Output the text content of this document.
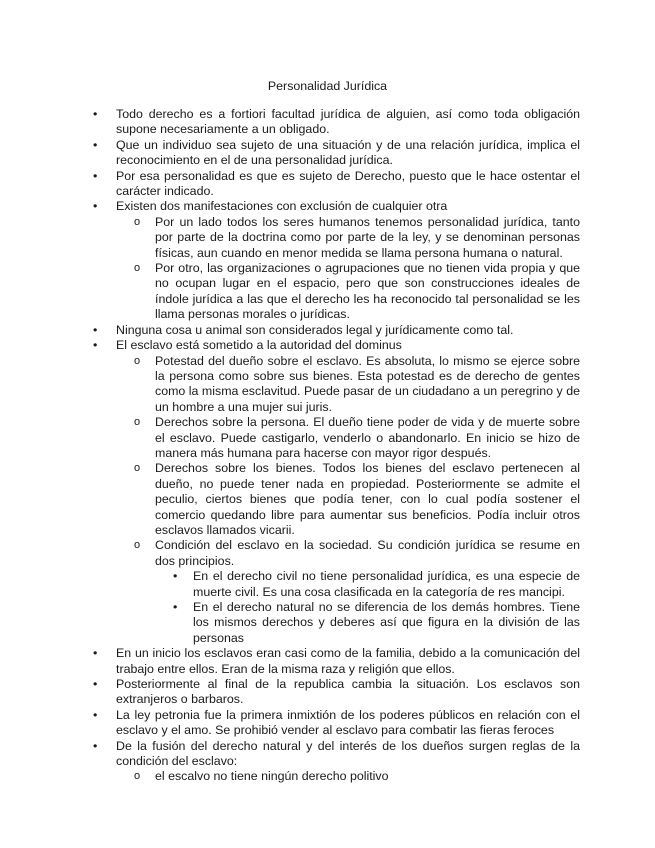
Personalidad Jurídica
• Todo derecho es a fortiori facultad jurídica de alguien, así como toda obligación supone necesariamente a un obligado.
• Que un individuo sea sujeto de una situación y de una relación jurídica, implica el reconocimiento en el de una personalidad jurídica.
• Por esa personalidad es que es sujeto de Derecho, puesto que le hace ostentar el carácter indicado.
• Existen dos manifestaciones con exclusión de cualquier otra
o Por un lado todos los seres humanos tenemos personalidad jurídica, tanto por parte de la doctrina como por parte de la ley, y se denominan personas físicas, aun cuando en menor medida se llama persona humana o natural.
o Por otro, las organizaciones o agrupaciones que no tienen vida propia y que no ocupan lugar en el espacio, pero que son construcciones ideales de índole jurídica a las que el derecho les ha reconocido tal personalidad se les llama personas morales o jurídicas.
• Ninguna cosa u animal son considerados legal y jurídicamente como tal.
• El esclavo está sometido a la autoridad del dominus
o Potestad del dueño sobre el esclavo. Es absoluta, lo mismo se ejerce sobre la persona como sobre sus bienes. Esta potestad es de derecho de gentes como la misma esclavitud. Puede pasar de un ciudadano a un peregrino y de un hombre a una mujer sui juris.
o Derechos sobre la persona. El dueño tiene poder de vida y de muerte sobre el esclavo. Puede castigarlo, venderlo o abandonarlo. En inicio se hizo de manera más humana para hacerse con mayor rigor después.
o Derechos sobre los bienes. Todos los bienes del esclavo pertenecen al dueño, no puede tener nada en propiedad. Posteriormente se admite el peculio, ciertos bienes que podía tener, con lo cual podía sostener el comercio quedando libre para aumentar sus beneficios. Podía incluir otros esclavos llamados vicarii.
o Condición del esclavo en la sociedad. Su condición jurídica se resume en dos principios.
• En el derecho civil no tiene personalidad jurídica, es una especie de muerte civil. Es una cosa clasificada en la categoría de res mancipi.
• En el derecho natural no se diferencia de los demás hombres. Tiene los mismos derechos y deberes así que figura en la división de las personas
• En un inicio los esclavos eran casi como de la familia, debido a la comunicación del trabajo entre ellos. Eran de la misma raza y religión que ellos.
• Posteriormente al final de la republica cambia la situación. Los esclavos son extranjeros o barbaros.
• La ley petronia fue la primera inmixtión de los poderes públicos en relación con el esclavo y el amo. Se prohibió vender al esclavo para combatir las fieras feroces
• De la fusión del derecho natural y del interés de los dueños surgen reglas de la condición del esclavo:
o el escalvo no tiene ningún derecho politivo
